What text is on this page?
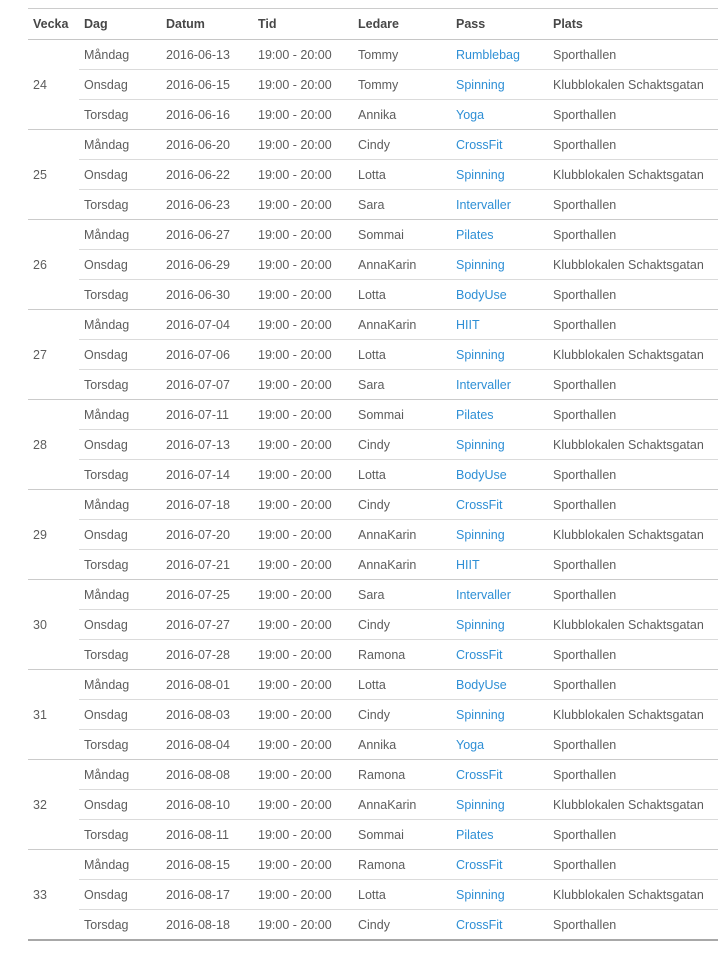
Vecka	Dag	Datum	Tid	Ledare	Pass	Plats
24	Måndag	2016-06-13	19:00 - 20:00	Tommy	Rumblebag	Sporthallen
	Onsdag	2016-06-15	19:00 - 20:00	Tommy	Spinning	Klubblokalen Schaktsgatan
	Torsdag	2016-06-16	19:00 - 20:00	Annika	Yoga	Sporthallen
25	Måndag	2016-06-20	19:00 - 20:00	Cindy	CrossFit	Sporthallen
	Onsdag	2016-06-22	19:00 - 20:00	Lotta	Spinning	Klubblokalen Schaktsgatan
	Torsdag	2016-06-23	19:00 - 20:00	Sara	Intervaller	Sporthallen
26	Måndag	2016-06-27	19:00 - 20:00	Sommai	Pilates	Sporthallen
	Onsdag	2016-06-29	19:00 - 20:00	AnnaKarin	Spinning	Klubblokalen Schaktsgatan
	Torsdag	2016-06-30	19:00 - 20:00	Lotta	BodyUse	Sporthallen
27	Måndag	2016-07-04	19:00 - 20:00	AnnaKarin	HIIT	Sporthallen
	Onsdag	2016-07-06	19:00 - 20:00	Lotta	Spinning	Klubblokalen Schaktsgatan
	Torsdag	2016-07-07	19:00 - 20:00	Sara	Intervaller	Sporthallen
28	Måndag	2016-07-11	19:00 - 20:00	Sommai	Pilates	Sporthallen
	Onsdag	2016-07-13	19:00 - 20:00	Cindy	Spinning	Klubblokalen Schaktsgatan
	Torsdag	2016-07-14	19:00 - 20:00	Lotta	BodyUse	Sporthallen
29	Måndag	2016-07-18	19:00 - 20:00	Cindy	CrossFit	Sporthallen
	Onsdag	2016-07-20	19:00 - 20:00	AnnaKarin	Spinning	Klubblokalen Schaktsgatan
	Torsdag	2016-07-21	19:00 - 20:00	AnnaKarin	HIIT	Sporthallen
30	Måndag	2016-07-25	19:00 - 20:00	Sara	Intervaller	Sporthallen
	Onsdag	2016-07-27	19:00 - 20:00	Cindy	Spinning	Klubblokalen Schaktsgatan
	Torsdag	2016-07-28	19:00 - 20:00	Ramona	CrossFit	Sporthallen
31	Måndag	2016-08-01	19:00 - 20:00	Lotta	BodyUse	Sporthallen
	Onsdag	2016-08-03	19:00 - 20:00	Cindy	Spinning	Klubblokalen Schaktsgatan
	Torsdag	2016-08-04	19:00 - 20:00	Annika	Yoga	Sporthallen
32	Måndag	2016-08-08	19:00 - 20:00	Ramona	CrossFit	Sporthallen
	Onsdag	2016-08-10	19:00 - 20:00	AnnaKarin	Spinning	Klubblokalen Schaktsgatan
	Torsdag	2016-08-11	19:00 - 20:00	Sommai	Pilates	Sporthallen
33	Måndag	2016-08-15	19:00 - 20:00	Ramona	CrossFit	Sporthallen
	Onsdag	2016-08-17	19:00 - 20:00	Lotta	Spinning	Klubblokalen Schaktsgatan
	Torsdag	2016-08-18	19:00 - 20:00	Cindy	CrossFit	Sporthallen
